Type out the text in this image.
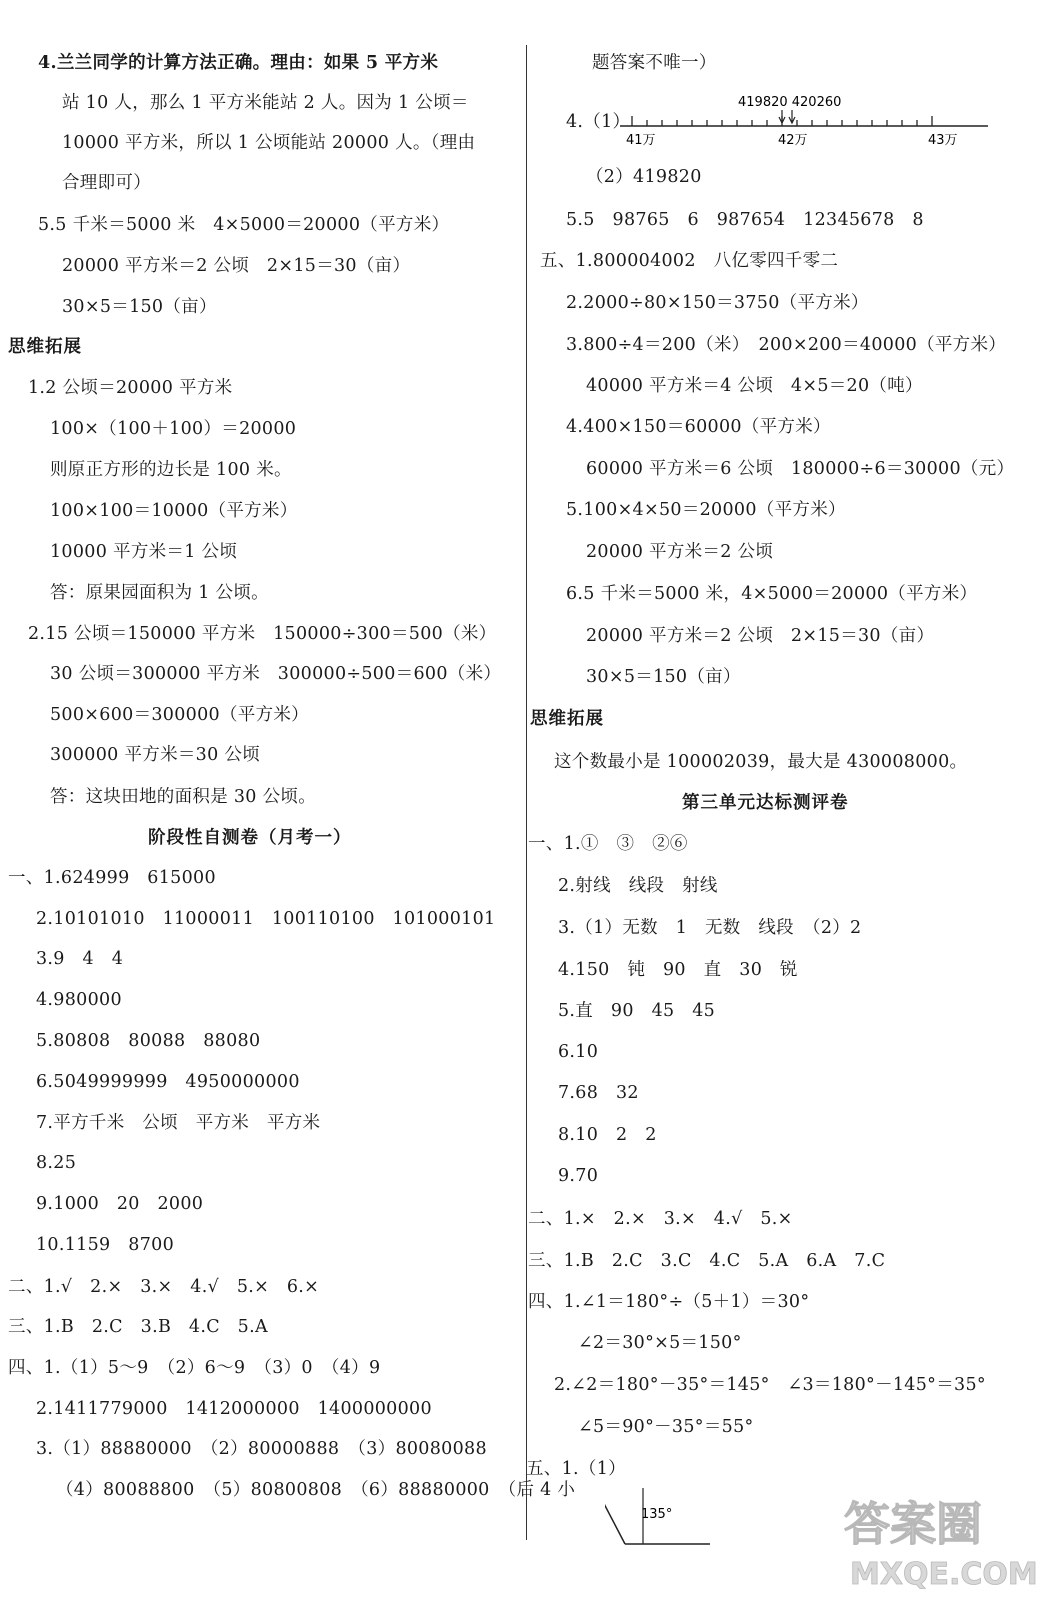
4.兰兰同学的计算方法正确。理由：如果 5 平方米
站 10 人，那么 1 平方米能站 2 人。因为 1 公顷＝
10000 平方米，所以 1 公顷能站 20000 人。（理由
合理即可）
5.5 千米＝5000 米　4×5000＝20000（平方米）
20000 平方米＝2 公顷　2×15＝30（亩）
30×5＝150（亩）
思维拓展
1.2 公顷＝20000 平方米
100×（100＋100）＝20000
则原正方形的边长是 100 米。
100×100＝10000（平方米）
10000 平方米＝1 公顷
答：原果园面积为 1 公顷。
2.15 公顷＝150000 平方米　150000÷300＝500（米）
30 公顷＝300000 平方米　300000÷500＝600（米）
500×600＝300000（平方米）
300000 平方米＝30 公顷
答：这块田地的面积是 30 公顷。
阶段性自测卷（月考一）
一、1.624999　615000
2.10101010　11000011　100110100　101000101
3.9　4　4
4.980000
5.80808　80088　88080
6.5049999999　4950000000
7.平方千米　公顷　平方米　平方米
8.25
9.1000　20　2000
10.1159　8700
二、1.√　2.×　3.×　4.√　5.×　6.×
三、1.B　2.C　3.B　4.C　5.A
四、1.（1）5～9　（2）6～9　（3）0　（4）9
2.1411779000　1412000000　1400000000
3.（1）88880000　（2）80000888　（3）80080088
（4）80088800　（5）80800808　（6）88880000　（后 4 小
题答案不唯一）
4.（1）
（2）419820
5.5　98765　6　987654　12345678　8
五、1.800004002　八亿零四千零二
2.2000÷80×150＝3750（平方米）
3.800÷4＝200（米）　200×200＝40000（平方米）
40000 平方米＝4 公顷　4×5＝20（吨）
4.400×150＝60000（平方米）
60000 平方米＝6 公顷　180000÷6＝30000（元）
5.100×4×50＝20000（平方米）
20000 平方米＝2 公顷
6.5 千米＝5000 米，4×5000＝20000（平方米）
20000 平方米＝2 公顷　2×15＝30（亩）
30×5＝150（亩）
思维拓展
这个数最小是 100002039，最大是 430008000。
第三单元达标测评卷
一、1.①　③　②⑥
2.射线　线段　射线
3.（1）无数　1　无数　线段　（2）2
4.150　钝　90　直　30　锐
5.直　90　45　45
6.10
7.68　32
8.10　2　2
9.70
二、1.×　2.×　3.×　4.√　5.×
三、1.B　2.C　3.C　4.C　5.A　6.A　7.C
四、1.∠1＝180°÷（5＋1）＝30°
∠2＝30°×5＝150°
2.∠2＝180°－35°＝145°　∠3＝180°－145°＝35°
∠5＝90°－35°＝55°
五、1.（1）
419820 420260
41万	42万	43万
135°	答案圈
MXQE.COM
